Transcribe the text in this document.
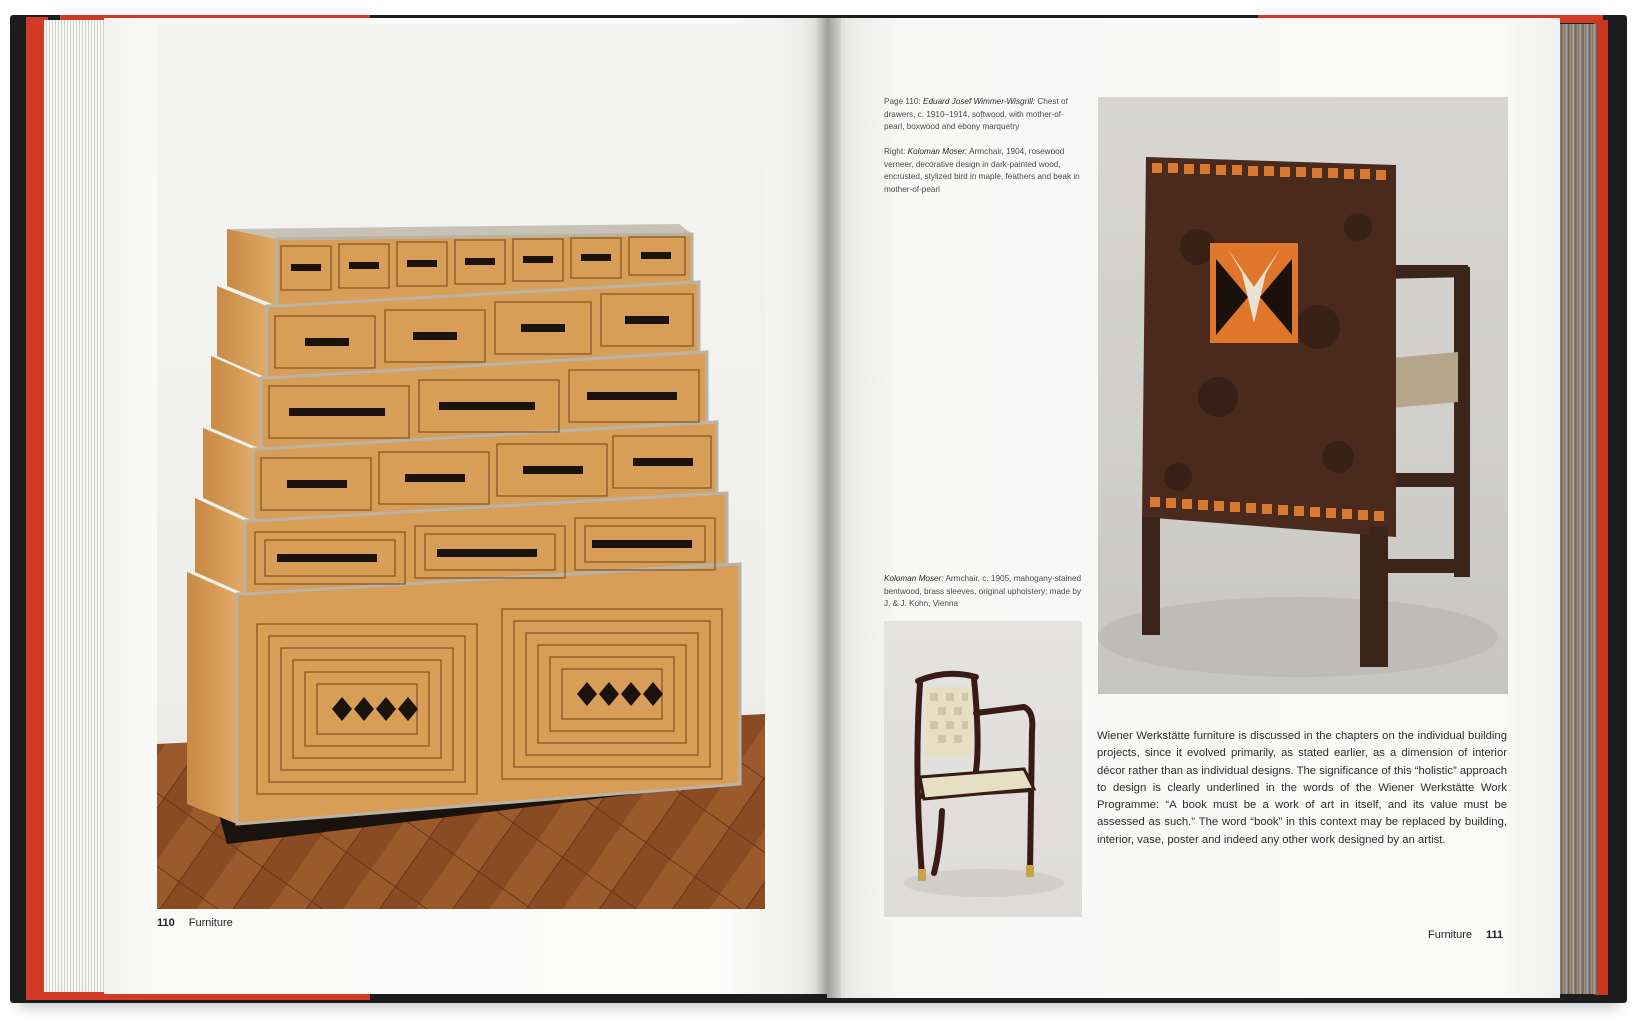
110 Furniture
Page 110: Eduard Josef Wimmer-Wisgrill: Chest of drawers, c. 1910–1914, softwood, with mother-of-pearl, boxwood and ebony marquetry
Right: Koloman Moser: Armchair, 1904, rosewood verneer, decorative design in dark-painted wood, encrusted, stylized bird in maple, feathers and beak in mother-of-pearl
Koloman Moser: Armchair, c. 1905, mahogany-stained bentwood, brass sleeves, original upholstery; made by J. & J. Kohn, Vienna
Wiener Werkstätte furniture is discussed in the chapters on the individual building projects, since it evolved primarily, as stated earlier, as a dimension of interior décor rather than as individual designs. The significance of this “holistic” approach to design is clearly underlined in the words of the Wiener Werkstätte Work Programme: “A book must be a work of art in itself, and its value must be assessed as such.” The word “book” in this context may be replaced by building, interior, vase, poster and indeed any other work designed by an artist.
Furniture 111
